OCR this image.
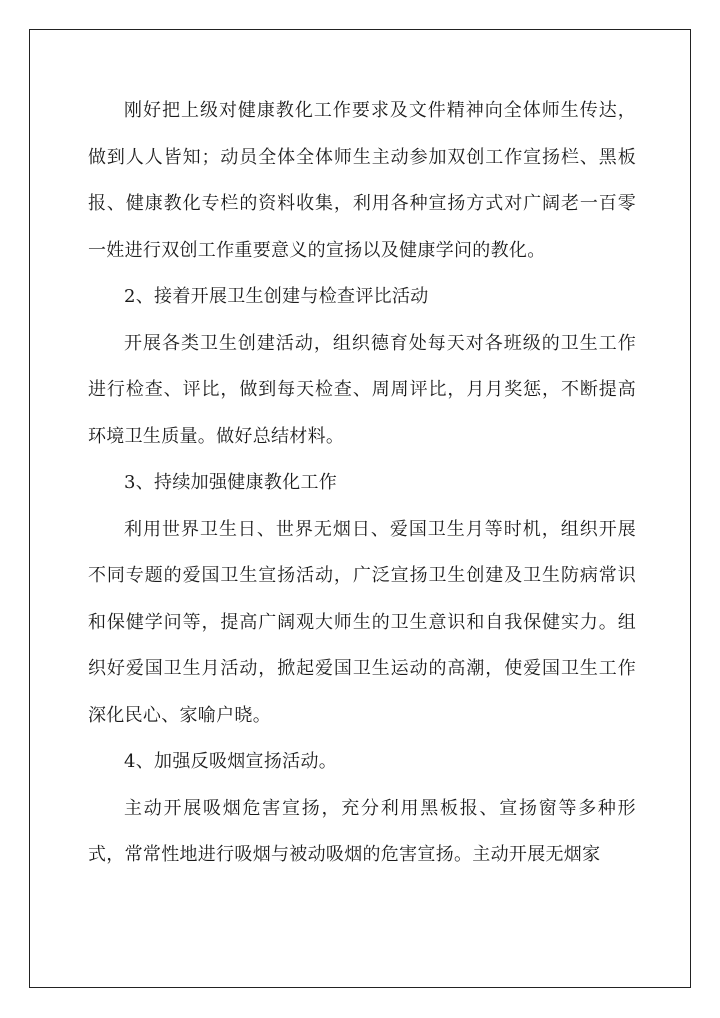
刚好把上级对健康教化工作要求及文件精神向全体师生传达，做到人人皆知；动员全体全体师生主动参加双创工作宣扬栏、黑板报、健康教化专栏的资料收集，利用各种宣扬方式对广阔老一百零一姓进行双创工作重要意义的宣扬以及健康学问的教化。

2、接着开展卫生创建与检查评比活动

开展各类卫生创建活动，组织德育处每天对各班级的卫生工作进行检查、评比，做到每天检查、周周评比，月月奖惩，不断提高环境卫生质量。做好总结材料。

3、持续加强健康教化工作

利用世界卫生日、世界无烟日、爱国卫生月等时机，组织开展不同专题的爱国卫生宣扬活动，广泛宣扬卫生创建及卫生防病常识和保健学问等，提高广阔观大师生的卫生意识和自我保健实力。组织好爱国卫生月活动，掀起爱国卫生运动的高潮，使爱国卫生工作深化民心、家喻户晓。

4、加强反吸烟宣扬活动。

主动开展吸烟危害宣扬，充分利用黑板报、宣扬窗等多种形式，常常性地进行吸烟与被动吸烟的危害宣扬。主动开展无烟家
